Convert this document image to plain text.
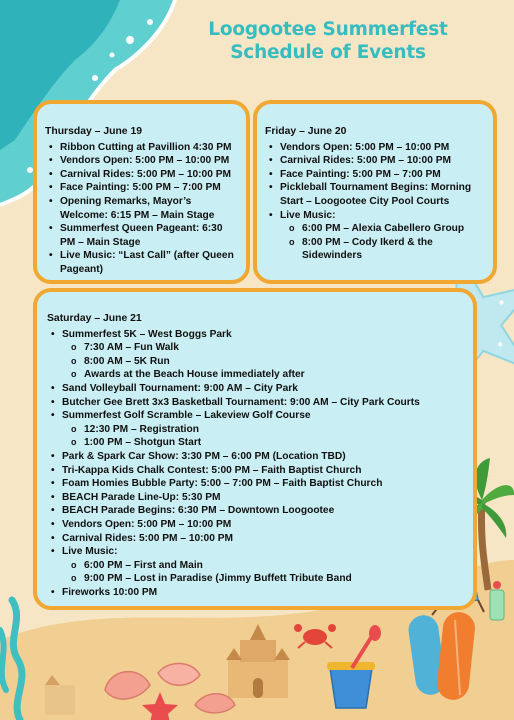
Loogootee Summerfest
Schedule of Events
Thursday – June 19
• Ribbon Cutting at Pavillion 4:30 PM
• Vendors Open: 5:00 PM – 10:00 PM
• Carnival Rides: 5:00 PM – 10:00 PM
• Face Painting: 5:00 PM – 7:00 PM
• Opening Remarks, Mayor’s Welcome: 6:15 PM – Main Stage
• Summerfest Queen Pageant: 6:30 PM – Main Stage
• Live Music: “Last Call” (after Queen Pageant)
Friday – June 20
• Vendors Open: 5:00 PM – 10:00 PM
• Carnival Rides: 5:00 PM – 10:00 PM
• Face Painting: 5:00 PM – 7:00 PM
• Pickleball Tournament Begins: Morning Start – Loogootee City Pool Courts
• Live Music:
o 6:00 PM – Alexia Cabellero Group
o 8:00 PM – Cody Ikerd & the Sidewinders
Saturday – June 21
• Summerfest 5K – West Boggs Park
o 7:30 AM – Fun Walk
o 8:00 AM – 5K Run
o Awards at the Beach House immediately after
• Sand Volleyball Tournament: 9:00 AM – City Park
• Butcher Gee Brett 3x3 Basketball Tournament: 9:00 AM – City Park Courts
• Summerfest Golf Scramble – Lakeview Golf Course
o 12:30 PM – Registration
o 1:00 PM – Shotgun Start
• Park & Spark Car Show: 3:30 PM – 6:00 PM (Location TBD)
• Tri-Kappa Kids Chalk Contest: 5:00 PM – Faith Baptist Church
• Foam Homies Bubble Party: 5:00 – 7:00 PM – Faith Baptist Church
• BEACH Parade Line-Up: 5:30 PM
• BEACH Parade Begins: 6:30 PM – Downtown Loogootee
• Vendors Open: 5:00 PM – 10:00 PM
• Carnival Rides: 5:00 PM – 10:00 PM
• Live Music:
o 6:00 PM – First and Main
o 9:00 PM – Lost in Paradise (Jimmy Buffett Tribute Band
• Fireworks 10:00 PM
